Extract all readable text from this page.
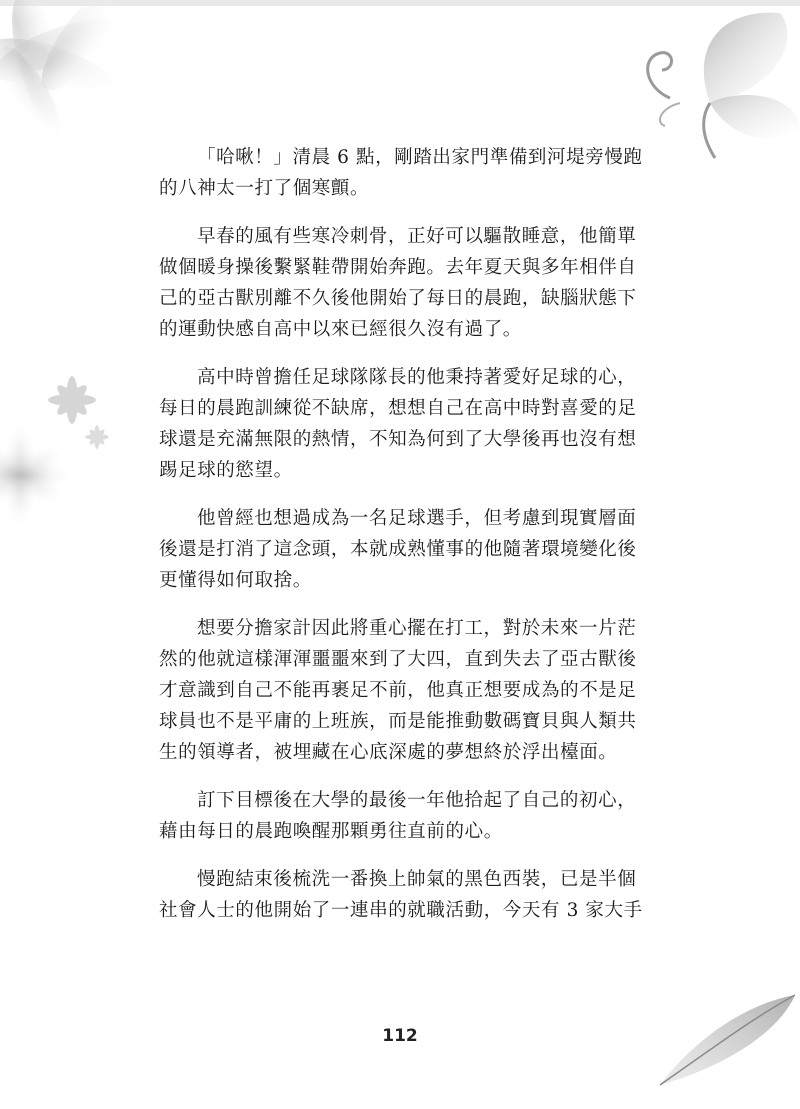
「哈啾！」清晨 6 點，剛踏出家門準備到河堤旁慢跑
的八神太一打了個寒顫。

早春的風有些寒冷刺骨，正好可以驅散睡意，他簡單
做個暖身操後繫緊鞋帶開始奔跑。去年夏天與多年相伴自
己的亞古獸別離不久後他開始了每日的晨跑，缺腦狀態下
的運動快感自高中以來已經很久沒有過了。

高中時曾擔任足球隊隊長的他秉持著愛好足球的心，
每日的晨跑訓練從不缺席，想想自己在高中時對喜愛的足
球還是充滿無限的熱情，不知為何到了大學後再也沒有想
踢足球的慾望。

他曾經也想過成為一名足球選手，但考慮到現實層面
後還是打消了這念頭，本就成熟懂事的他隨著環境變化後
更懂得如何取捨。

想要分擔家計因此將重心擺在打工，對於未來一片茫
然的他就這樣渾渾噩噩來到了大四，直到失去了亞古獸後
才意識到自己不能再裹足不前，他真正想要成為的不是足
球員也不是平庸的上班族，而是能推動數碼寶貝與人類共
生的領導者，被埋藏在心底深處的夢想終於浮出檯面。

訂下目標後在大學的最後一年他拾起了自己的初心，
藉由每日的晨跑喚醒那顆勇往直前的心。

慢跑結束後梳洗一番換上帥氣的黑色西裝，已是半個
社會人士的他開始了一連串的就職活動，今天有 3 家大手

112
